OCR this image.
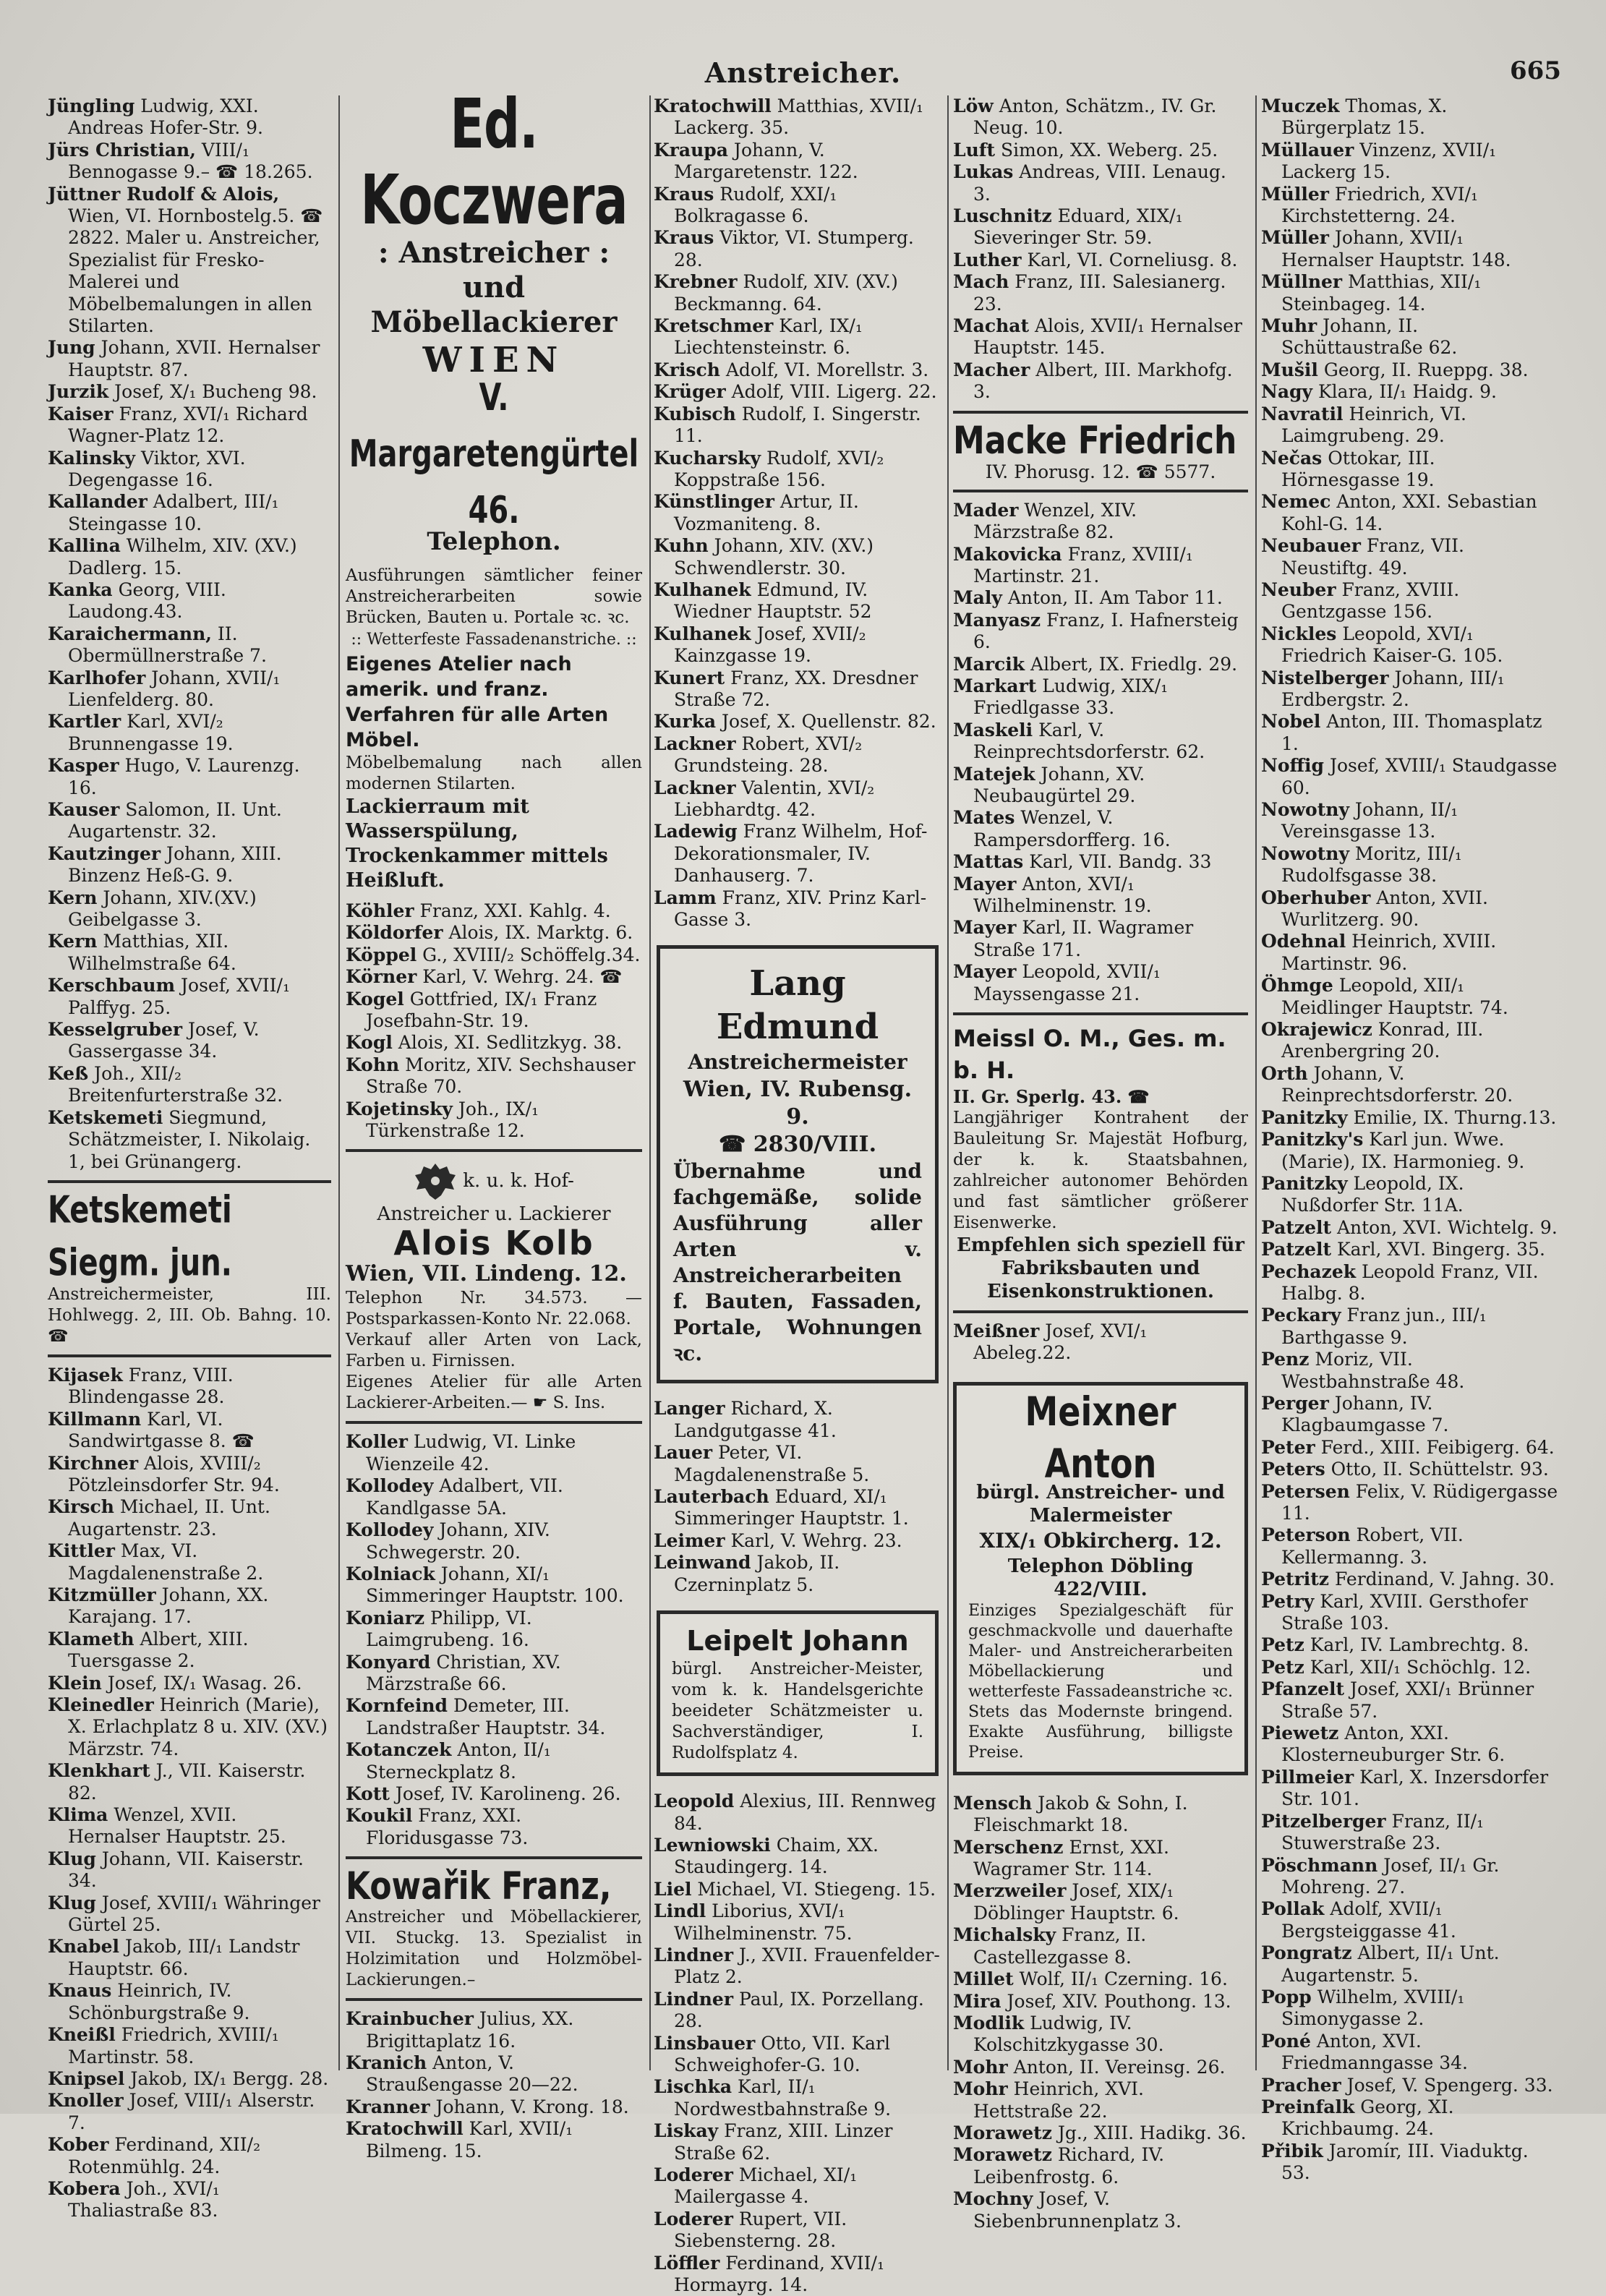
Anstreicher.	665

Jüngling Ludwig, XXI. Andreas Hofer-Str. 9.

Jürs Christian, VIII/₁ Bennogasse 9.– ☎ 18.265.

Jüttner Rudolf & Alois, Wien, VI. Hornbostelg.5. ☎ 2822. Maler u. Anstreicher, Spezialist für Fresko-Malerei und Möbelbemalungen in allen Stilarten.

Jung Johann, XVII. Hernalser Hauptstr. 87.

Jurzik Josef, X/₁ Bucheng 98.

Kaiser Franz, XVI/₁ Richard Wagner-Platz 12.

Kalinsky Viktor, XVI. Degengasse 16.

Kallander Adalbert, III/₁ Steingasse 10.

Kallina Wilhelm, XIV. (XV.) Dadlerg. 15.

Kanka Georg, VIII. Laudong.43.

Karaichermann, II. Obermüllnerstraße 7.

Karlhofer Johann, XVII/₁ Lienfelderg. 80.

Kartler Karl, XVI/₂ Brunnengasse 19.

Kasper Hugo, V. Laurenzg. 16.

Kauser Salomon, II. Unt. Augartenstr. 32.

Kautzinger Johann, XIII. Binzenz Heß-G. 9.

Kern Johann, XIV.(XV.) Geibelgasse 3.

Kern Matthias, XII. Wilhelmstraße 64.

Kerschbaum Josef, XVII/₁ Palffyg. 25.

Kesselgruber Josef, V. Gassergasse 34.

Keß Joh., XII/₂ Breitenfurterstraße 32.

Ketskemeti Siegmund, Schätzmeister, I. Nikolaig. 1, bei Grünangerg.

Ketskemeti Siegm. jun.
Anstreichermeister, III. Hohlwegg. 2, III. Ob. Bahng. 10. ☎

Kijasek Franz, VIII. Blindengasse 28.

Killmann Karl, VI. Sandwirtgasse 8. ☎

Kirchner Alois, XVIII/₂ Pötzleinsdorfer Str. 94.

Kirsch Michael, II. Unt. Augartenstr. 23.

Kittler Max, VI. Magdalenenstraße 2.

Kitzmüller Johann, XX. Karajang. 17.

Klameth Albert, XIII. Tuersgasse 2.

Klein Josef, IX/₁ Wasag. 26.

Kleinedler Heinrich (Marie), X. Erlachplatz 8 u. XIV. (XV.) Märzstr. 74.

Klenkhart J., VII. Kaiserstr. 82.

Klima Wenzel, XVII. Hernalser Hauptstr. 25.

Klug Johann, VII. Kaiserstr. 34.

Klug Josef, XVIII/₁ Währinger Gürtel 25.

Knabel Jakob, III/₁ Landstr Hauptstr. 66.

Knaus Heinrich, IV. Schönburgstraße 9.

Kneißl Friedrich, XVIII/₁ Martinstr. 58.

Knipsel Jakob, IX/₁ Bergg. 28.

Knoller Josef, VIII/₁ Alserstr. 7.

Kober Ferdinand, XII/₂ Rotenmühlg. 24.

Kobera Joh., XVI/₁ Thaliastraße 83.

Ed. Koczwera
: Anstreicher :
und Möbellackierer
WIEN
V. Margaretengürtel 46.
Telephon.
Ausführungen sämtlicher feiner Anstreicherarbeiten sowie Brücken, Bauten u. Portale ꝛc. ꝛc.
:: Wetterfeste Fassadenanstriche. ::
Eigenes Atelier nach amerik. und franz. Verfahren für alle Arten Möbel.
Möbelbemalung nach allen modernen Stilarten.
Lackierraum mit Wasserspülung, Trockenkammer mittels Heißluft.

Köhler Franz, XXI. Kahlg. 4.

Köldorfer Alois, IX. Marktg. 6.

Köppel G., XVIII/₂ Schöffelg.34.

Körner Karl, V. Wehrg. 24. ☎

Kogel Gottfried, IX/₁ Franz Josefbahn-Str. 19.

Kogl Alois, XI. Sedlitzkyg. 38.

Kohn Moritz, XIV. Sechshauser Straße 70.

Kojetinsky Joh., IX/₁ Türkenstraße 12.

k. u. k. Hof-
Anstreicher u. Lackierer
Alois Kolb
Wien, VII. Lindeng. 12.
Telephon Nr. 34.573. — Postsparkassen-Konto Nr. 22.068.
Verkauf aller Arten von Lack, Farben u. Firnissen.
Eigenes Atelier für alle Arten Lackierer-Arbeiten.— ☛ S. Ins.

Koller Ludwig, VI. Linke Wienzeile 42.

Kollodey Adalbert, VII. Kandlgasse 5A.

Kollodey Johann, XIV. Schwegerstr. 20.

Kolniack Johann, XI/₁ Simmeringer Hauptstr. 100.

Koniarz Philipp, VI. Laimgrubeng. 16.

Konyard Christian, XV. Märzstraße 66.

Kornfeind Demeter, III. Landstraßer Hauptstr. 34.

Kotanczek Anton, II/₁ Sterneckplatz 8.

Kott Josef, IV. Karolineng. 26.

Koukil Franz, XXI. Floridusgasse 73.

Kowařik Franz,
Anstreicher und Möbellackierer, VII. Stuckg. 13. Spezialist in Holzimitation und Holzmöbel-Lackierungen.–

Krainbucher Julius, XX. Brigittaplatz 16.

Kranich Anton, V. Straußengasse 20—22.

Kranner Johann, V. Krong. 18.

Kratochwill Karl, XVII/₁ Bilmeng. 15.

Kratochwill Matthias, XVII/₁ Lackerg. 35.

Kraupa Johann, V. Margaretenstr. 122.

Kraus Rudolf, XXI/₁ Bolkragasse 6.

Kraus Viktor, VI. Stumperg. 28.

Krebner Rudolf, XIV. (XV.) Beckmanng. 64.

Kretschmer Karl, IX/₁ Liechtensteinstr. 6.

Krisch Adolf, VI. Morellstr. 3.

Krüger Adolf, VIII. Ligerg. 22.

Kubisch Rudolf, I. Singerstr. 11.

Kucharsky Rudolf, XVI/₂ Koppstraße 156.

Künstlinger Artur, II. Vozmaniteng. 8.

Kuhn Johann, XIV. (XV.) Schwendlerstr. 30.

Kulhanek Edmund, IV. Wiedner Hauptstr. 52

Kulhanek Josef, XVII/₂ Kainzgasse 19.

Kunert Franz, XX. Dresdner Straße 72.

Kurka Josef, X. Quellenstr. 82.

Lackner Robert, XVI/₂ Grundsteing. 28.

Lackner Valentin, XVI/₂ Liebhardtg. 42.

Ladewig Franz Wilhelm, Hof-Dekorationsmaler, IV. Danhauserg. 7.

Lamm Franz, XIV. Prinz Karl-Gasse 3.

Lang Edmund
Anstreichermeister
Wien, IV. Rubensg. 9.
☎ 2830/VIII.
Übernahme und fachgemäße, solide Ausführung aller Arten v. Anstreicherarbeiten f. Bauten, Fassaden, Portale, Wohnungen ꝛc.

Langer Richard, X. Landgutgasse 41.

Lauer Peter, VI. Magdalenenstraße 5.

Lauterbach Eduard, XI/₁ Simmeringer Hauptstr. 1.

Leimer Karl, V. Wehrg. 23.

Leinwand Jakob, II. Czerninplatz 5.

Leipelt Johann
bürgl. Anstreicher-Meister, vom k. k. Handelsgerichte beeideter Schätzmeister u. Sachverständiger, I. Rudolfsplatz 4.

Leopold Alexius, III. Rennweg 84.

Lewniowski Chaim, XX. Staudingerg. 14.

Liel Michael, VI. Stiegeng. 15.

Lindl Liborius, XVI/₁ Wilhelminenstr. 75.

Lindner J., XVII. Frauenfelder-Platz 2.

Lindner Paul, IX. Porzellang. 28.

Linsbauer Otto, VII. Karl Schweighofer-G. 10.

Lischka Karl, II/₁ Nordwestbahnstraße 9.

Liskay Franz, XIII. Linzer Straße 62.

Loderer Michael, XI/₁ Mailergasse 4.

Loderer Rupert, VII. Siebensterng. 28.

Löffler Ferdinand, XVII/₁ Hormayrg. 14.

Löw Anton, Schätzm., IV. Gr. Neug. 10.

Luft Simon, XX. Weberg. 25.

Lukas Andreas, VIII. Lenaug. 3.

Luschnitz Eduard, XIX/₁ Sieveringer Str. 59.

Luther Karl, VI. Corneliusg. 8.

Mach Franz, III. Salesianerg. 23.

Machat Alois, XVII/₁ Hernalser Hauptstr. 145.

Macher Albert, III. Markhofg. 3.

Macke Friedrich
IV. Phorusg. 12. ☎ 5577.

Mader Wenzel, XIV. Märzstraße 82.

Makovicka Franz, XVIII/₁ Martinstr. 21.

Maly Anton, II. Am Tabor 11.

Manyasz Franz, I. Hafnersteig 6.

Marcik Albert, IX. Friedlg. 29.

Markart Ludwig, XIX/₁ Friedlgasse 33.

Maskeli Karl, V. Reinprechtsdorferstr. 62.

Matejek Johann, XV. Neubaugürtel 29.

Mates Wenzel, V. Rampersdorfferg. 16.

Mattas Karl, VII. Bandg. 33

Mayer Anton, XVI/₁ Wilhelminenstr. 19.

Mayer Karl, II. Wagramer Straße 171.

Mayer Leopold, XVII/₁ Mayssengasse 21.

Meissl O. M., Ges. m. b. H.
II. Gr. Sperlg. 43. ☎
Langjähriger Kontrahent der Bauleitung Sr. Majestät Hofburg, der k. k. Staatsbahnen, zahlreicher autonomer Behörden und fast sämtlicher größerer Eisenwerke.
Empfehlen sich speziell für Fabriksbauten und Eisenkonstruktionen.

Meißner Josef, XVI/₁ Abeleg.22.

Meixner Anton
bürgl. Anstreicher- und Malermeister
XIX/₁ Obkircherg. 12.
Telephon Döbling 422/VIII.
Einziges Spezialgeschäft für geschmackvolle und dauerhafte Maler- und Anstreicherarbeiten Möbellackierung und wetterfeste Fassadeanstriche ꝛc. Stets das Modernste bringend. Exakte Ausführung, billigste Preise.

Mensch Jakob & Sohn, I. Fleischmarkt 18.

Merschenz Ernst, XXI. Wagramer Str. 114.

Merzweiler Josef, XIX/₁ Döblinger Hauptstr. 6.

Michalsky Franz, II. Castellezgasse 8.

Millet Wolf, II/₁ Czerning. 16.

Mira Josef, XIV. Pouthong. 13.

Modlik Ludwig, IV. Kolschitzkygasse 30.

Mohr Anton, II. Vereinsg. 26.

Mohr Heinrich, XVI. Hettstraße 22.

Morawetz Jg., XIII. Hadikg. 36.

Morawetz Richard, IV. Leibenfrostg. 6.

Mochny Josef, V. Siebenbrunnenplatz 3.

Muczek Thomas, X. Bürgerplatz 15.

Müllauer Vinzenz, XVII/₁ Lackerg 15.

Müller Friedrich, XVI/₁ Kirchstetterng. 24.

Müller Johann, XVII/₁ Hernalser Hauptstr. 148.

Müllner Matthias, XII/₁ Steinbageg. 14.

Muhr Johann, II. Schüttaustraße 62.

Mušil Georg, II. Rueppg. 38.

Nagy Klara, II/₁ Haidg. 9.

Navratil Heinrich, VI. Laimgrubeng. 29.

Nečas Ottokar, III. Hörnesgasse 19.

Nemec Anton, XXI. Sebastian Kohl-G. 14.

Neubauer Franz, VII. Neustiftg. 49.

Neuber Franz, XVIII. Gentzgasse 156.

Nickles Leopold, XVI/₁ Friedrich Kaiser-G. 105.

Nistelberger Johann, III/₁ Erdbergstr. 2.

Nobel Anton, III. Thomasplatz 1.

Noffig Josef, XVIII/₁ Staudgasse 60.

Nowotny Johann, II/₁ Vereinsgasse 13.

Nowotny Moritz, III/₁ Rudolfsgasse 38.

Oberhuber Anton, XVII. Wurlitzerg. 90.

Odehnal Heinrich, XVIII. Martinstr. 96.

Öhmge Leopold, XII/₁ Meidlinger Hauptstr. 74.

Okrajewicz Konrad, III. Arenbergring 20.

Orth Johann, V. Reinprechtsdorferstr. 20.

Panitzky Emilie, IX. Thurng.13.

Panitzky's Karl jun. Wwe. (Marie), IX. Harmonieg. 9.

Panitzky Leopold, IX. Nußdorfer Str. 11A.

Patzelt Anton, XVI. Wichtelg. 9.

Patzelt Karl, XVI. Bingerg. 35.

Pechazek Leopold Franz, VII. Halbg. 8.

Peckary Franz jun., III/₁ Barthgasse 9.

Penz Moriz, VII. Westbahnstraße 48.

Perger Johann, IV. Klagbaumgasse 7.

Peter Ferd., XIII. Feibigerg. 64.

Peters Otto, II. Schüttelstr. 93.

Petersen Felix, V. Rüdigergasse 11.

Peterson Robert, VII. Kellermanng. 3.

Petritz Ferdinand, V. Jahng. 30.

Petry Karl, XVIII. Gersthofer Straße 103.

Petz Karl, IV. Lambrechtg. 8.

Petz Karl, XII/₁ Schöchlg. 12.

Pfanzelt Josef, XXI/₁ Brünner Straße 57.

Piewetz Anton, XXI. Klosterneuburger Str. 6.

Pillmeier Karl, X. Inzersdorfer Str. 101.

Pitzelberger Franz, II/₁ Stuwerstraße 23.

Pöschmann Josef, II/₁ Gr. Mohreng. 27.

Pollak Adolf, XVII/₁ Bergsteiggasse 41.

Pongratz Albert, II/₁ Unt. Augartenstr. 5.

Popp Wilhelm, XVIII/₁ Simonygasse 2.

Poné Anton, XVI. Friedmanngasse 34.

Pracher Josef, V. Spengerg. 33.

Preinfalk Georg, XI. Krichbaumg. 24.

Přibik Jaromír, III. Viaduktg. 53.
